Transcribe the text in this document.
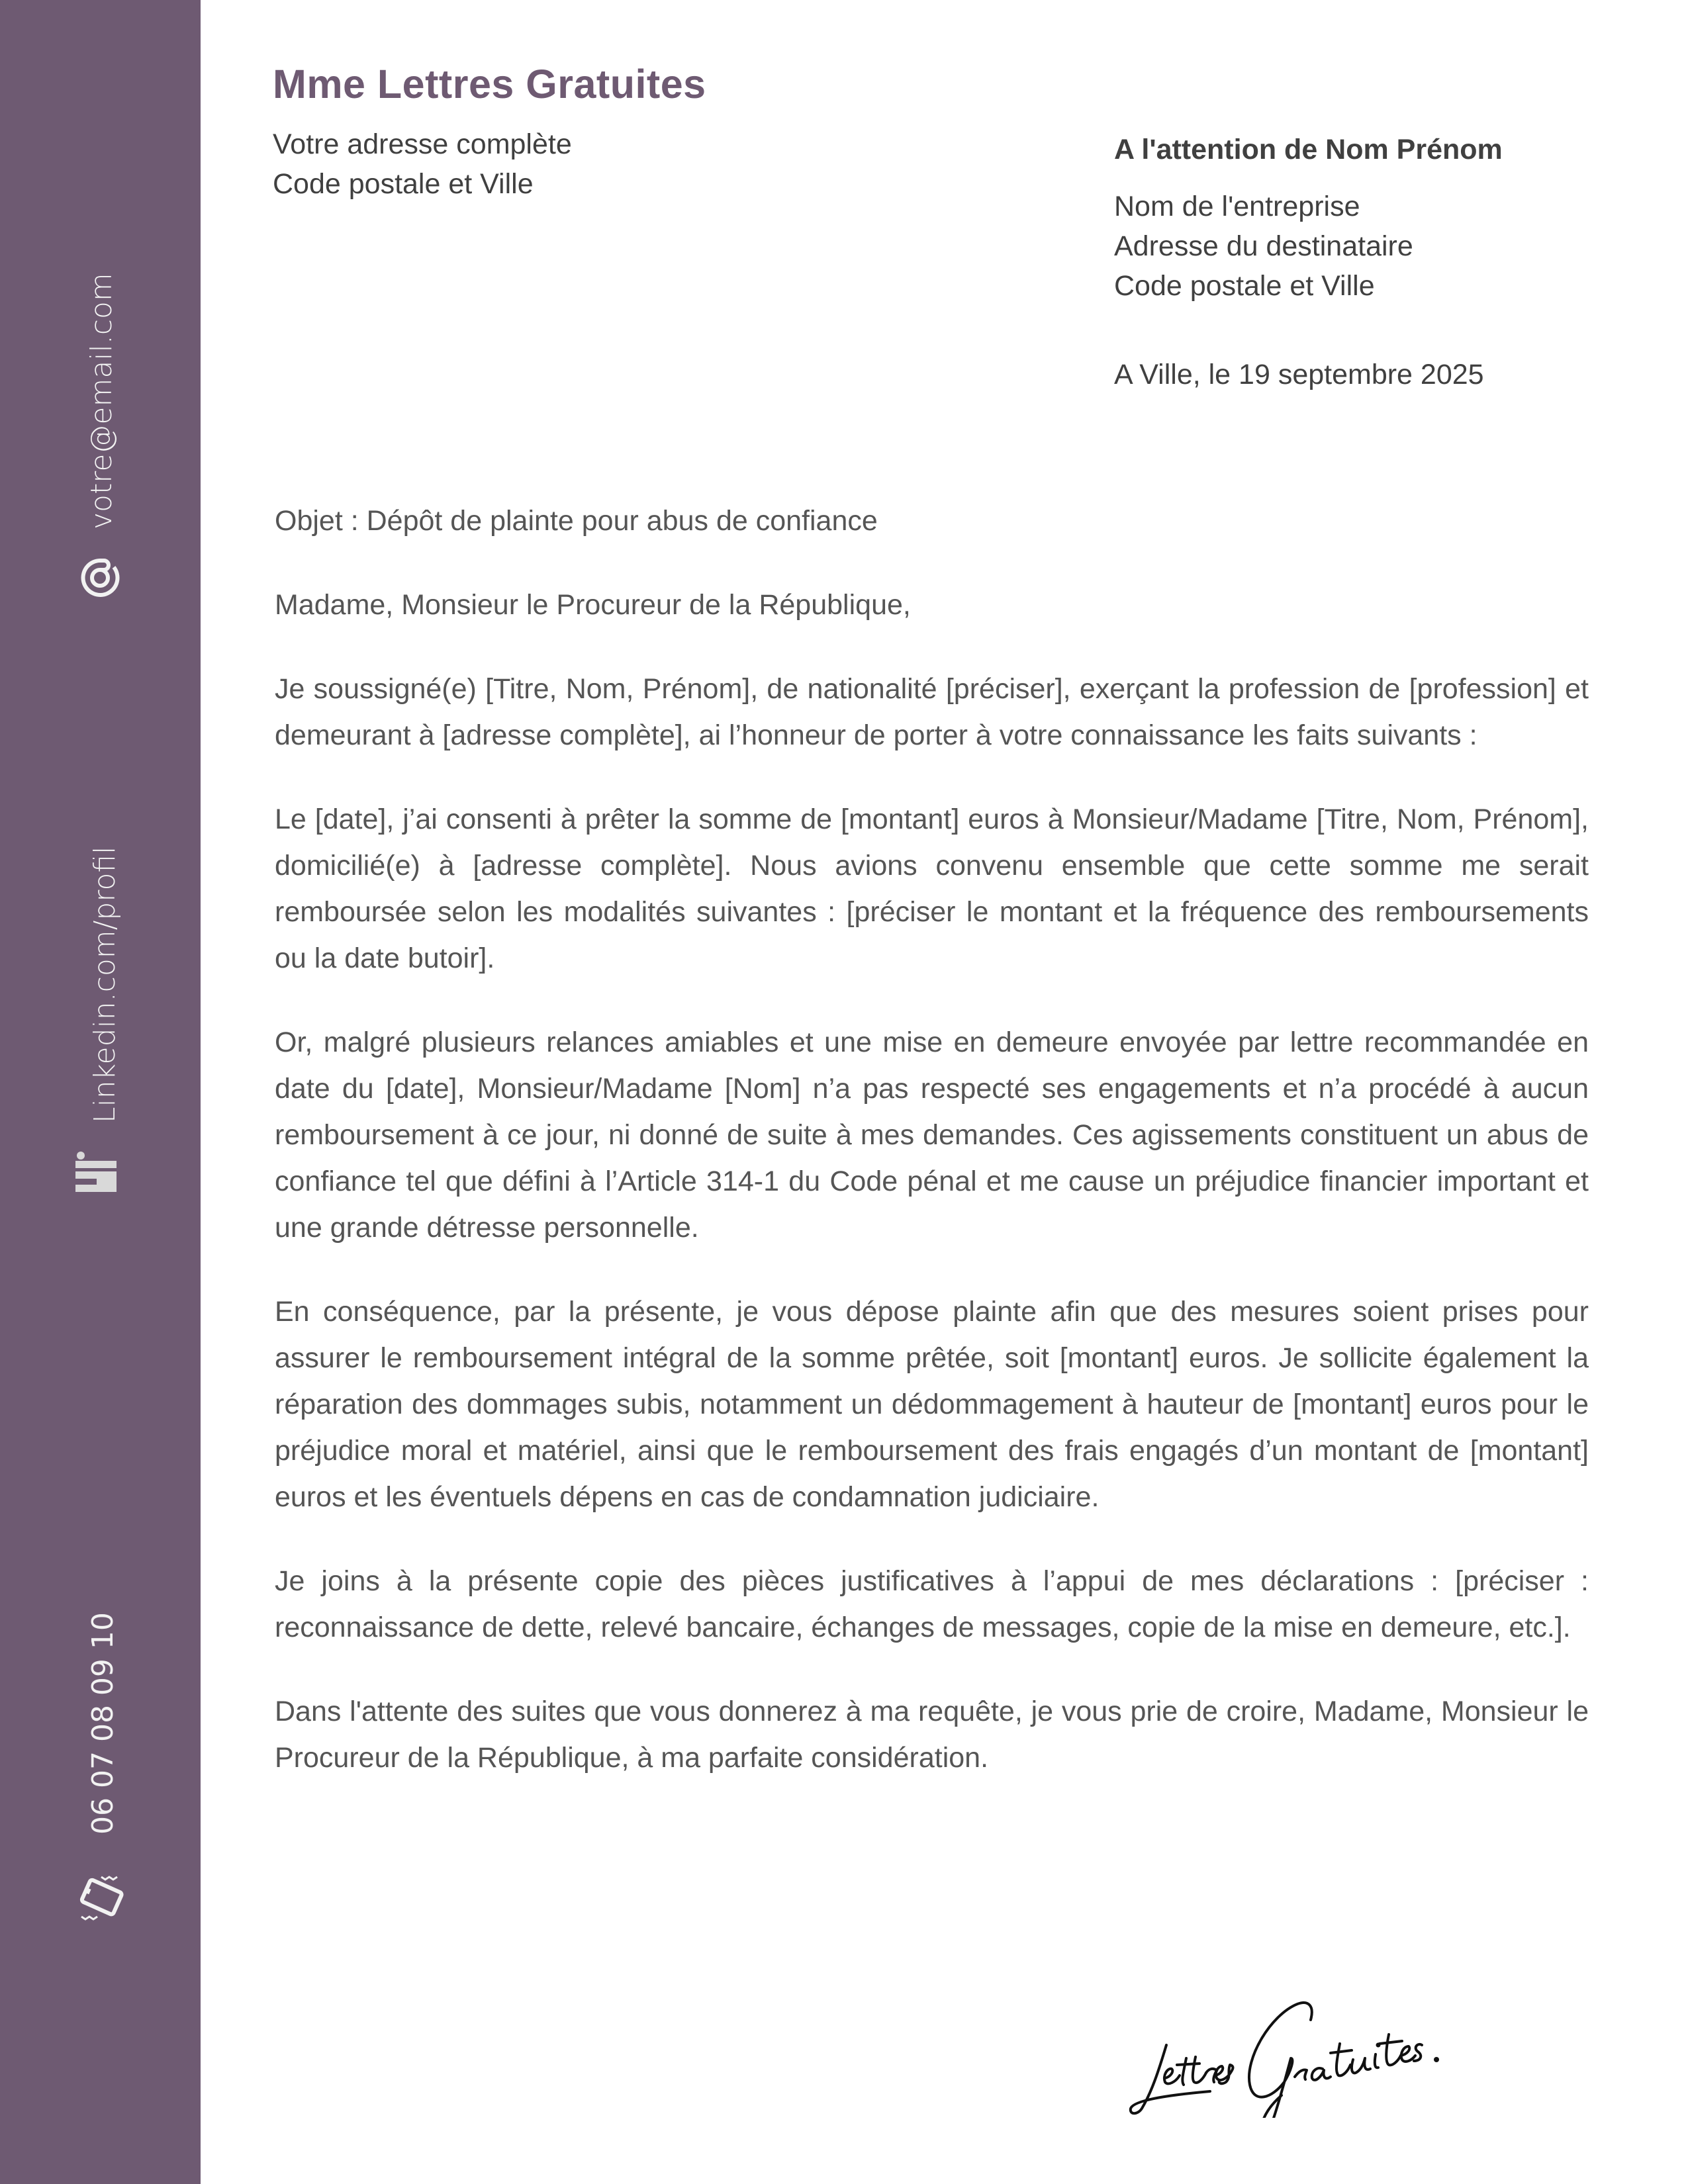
votre@email.com
Linkedin.com/profil
06 07 08 09 10
Mme Lettres Gratuites
Votre adresse complète
Code postale et Ville
A l'attention de Nom Prénom
Nom de l'entreprise
Adresse du destinataire
Code postale et Ville
A Ville, le 19 septembre 2025

Objet : Dépôt de plainte pour abus de confiance

Madame, Monsieur le Procureur de la République,

Je soussigné(e) [Titre, Nom, Prénom], de nationalité [préciser], exerçant la profession de [profession] et demeurant à [adresse complète], ai l’honneur de porter à votre connaissance les faits suivants :

Le [date], j’ai consenti à prêter la somme de [montant] euros à Monsieur/Madame [Titre, Nom, Prénom], domicilié(e) à [adresse complète]. Nous avions convenu ensemble que cette somme me serait remboursée selon les modalités suivantes : [préciser le montant et la fréquence des remboursements ou la date butoir].

Or, malgré plusieurs relances amiables et une mise en demeure envoyée par lettre recommandée en date du [date], Monsieur/Madame [Nom] n’a pas respecté ses engagements et n’a procédé à aucun remboursement à ce jour, ni donné de suite à mes demandes. Ces agissements constituent un abus de confiance tel que défini à l’Article 314-1 du Code pénal et me cause un préjudice financier important et une grande détresse personnelle.

En conséquence, par la présente, je vous dépose plainte afin que des mesures soient prises pour assurer le remboursement intégral de la somme prêtée, soit [montant] euros. Je sollicite également la réparation des dommages subis, notamment un dédommagement à hauteur de [montant] euros pour le préjudice moral et matériel, ainsi que le remboursement des frais engagés d’un montant de [montant] euros et les éventuels dépens en cas de condamnation judiciaire.

Je joins à la présente copie des pièces justificatives à l’appui de mes déclarations : [préciser : reconnaissance de dette, relevé bancaire, échanges de messages, copie de la mise en demeure, etc.].

Dans l'attente des suites que vous donnerez à ma requête, je vous prie de croire, Madame, Monsieur le Procureur de la République, à ma parfaite considération.
